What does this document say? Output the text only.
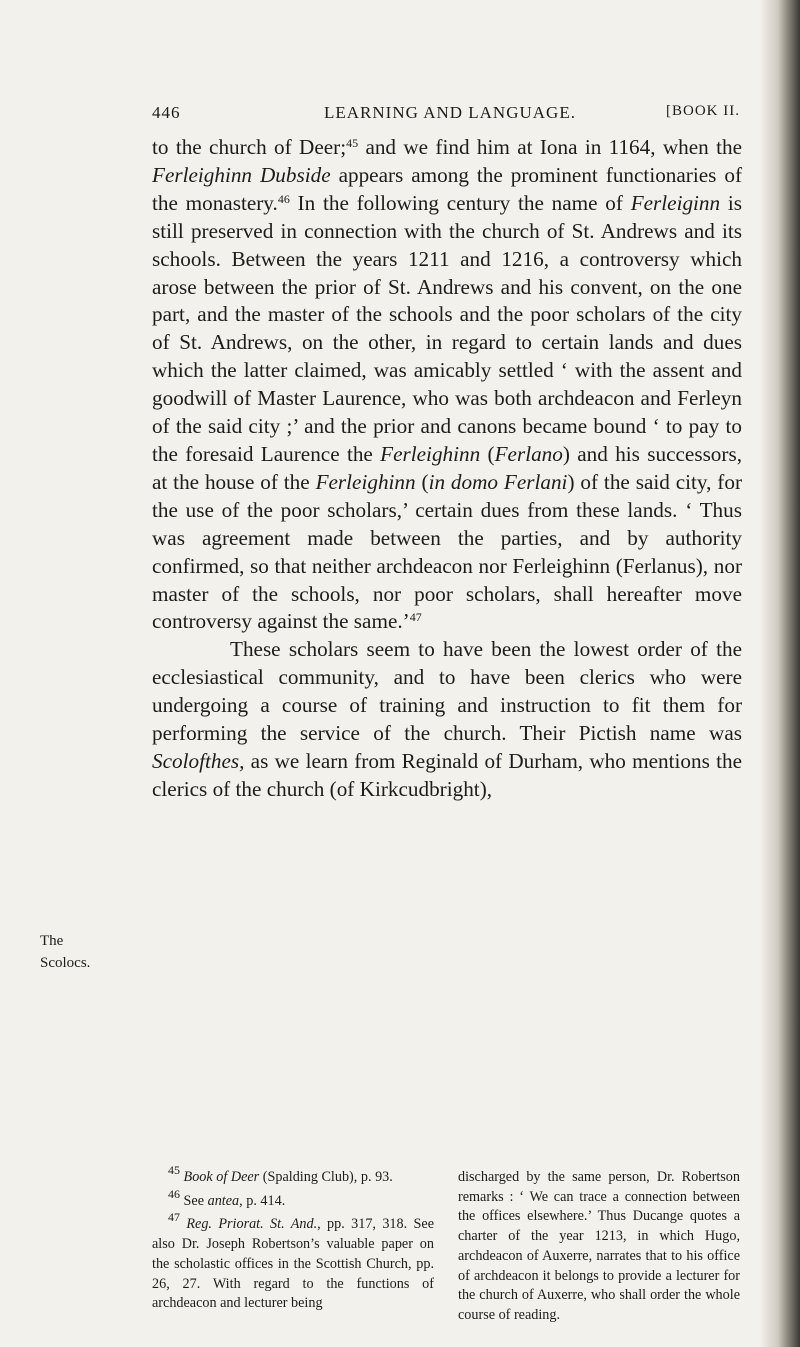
446	LEARNING AND LANGUAGE.	[BOOK II.
The
Scolocs.

to the church of Deer;$^{45}$ and we find him at Iona in 1164, when the Ferleighinn Dubside appears among the prominent functionaries of the monastery.$^{46}$ In the following century the name of Ferleiginn is still preserved in connection with the church of St. Andrews and its schools. Between the years 1211 and 1216, a controversy which arose between the prior of St. Andrews and his convent, on the one part, and the master of the schools and the poor scholars of the city of St. Andrews, on the other, in regard to certain lands and dues which the latter claimed, was amicably settled ‘ with the assent and goodwill of Master Laurence, who was both archdeacon and Ferleyn of the said city ;’ and the prior and canons became bound ‘ to pay to the foresaid Laurence the Ferleighinn (Ferlano) and his successors, at the house of the Ferleighinn (in domo Ferlani) of the said city, for the use of the poor scholars,’ certain dues from these lands. ‘ Thus was agreement made between the parties, and by authority confirmed, so that neither archdeacon nor Ferleighinn (Ferlanus), nor master of the schools, nor poor scholars, shall hereafter move controversy against the same.’$^{47}$

These scholars seem to have been the lowest order of the ecclesiastical community, and to have been clerics who were undergoing a course of training and instruction to fit them for performing the service of the church. Their Pictish name was Scolofthes, as we learn from Reginald of Durham, who mentions the clerics of the church (of Kirkcudbright),

$^{45}$ Book of Deer (Spalding Club), p. 93.

$^{46}$ See antea, p. 414.

$^{47}$ Reg. Priorat. St. And., pp. 317, 318. See also Dr. Joseph Robertson’s valuable paper on the scholastic offices in the Scottish Church, pp. 26, 27. With regard to the functions of archdeacon and lecturer being

discharged by the same person, Dr. Robertson remarks : ‘ We can trace a connection between the offices elsewhere.’ Thus Ducange quotes a charter of the year 1213, in which Hugo, archdeacon of Auxerre, narrates that to his office of archdeacon it belongs to provide a lecturer for the church of Auxerre, who shall order the whole course of reading.
